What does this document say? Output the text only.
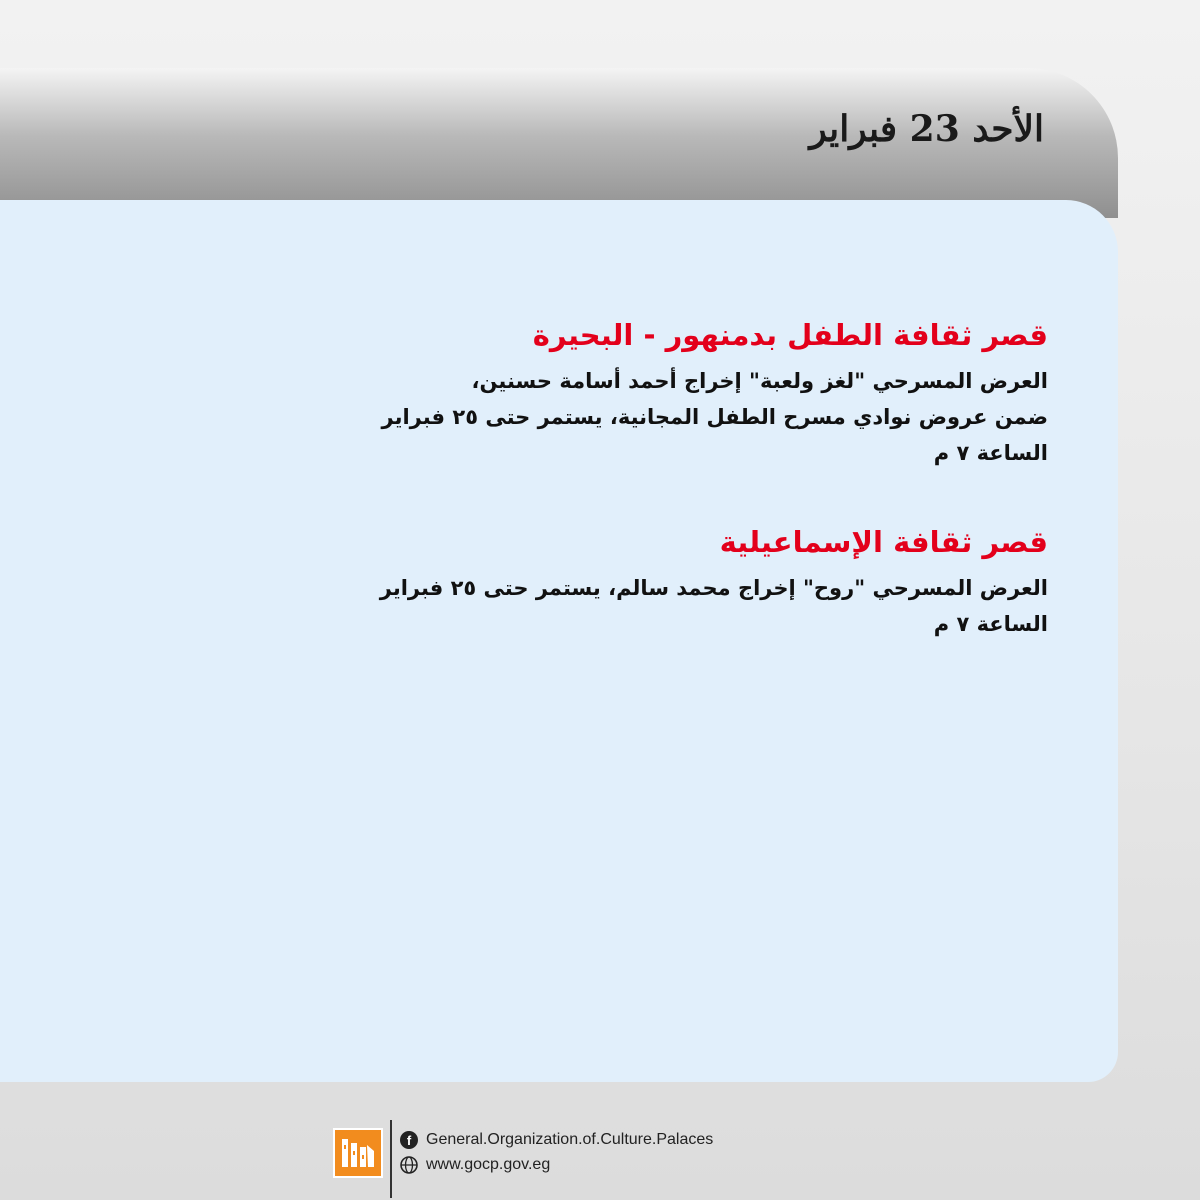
الأحد 23 فبراير
قصر ثقافة الطفل بدمنهور - البحيرة

العرض المسرحي "لغز ولعبة" إخراج أحمد أسامة حسنين،

ضمن عروض نوادي مسرح الطفل المجانية، يستمر حتى ٢٥ فبراير

الساعة ٧ م

قصر ثقافة الإسماعيلية

العرض المسرحي "روح" إخراج محمد سالم، يستمر حتى ٢٥ فبراير

الساعة ٧ م

f General.Organization.of.Culture.Palaces
www.gocp.gov.eg
